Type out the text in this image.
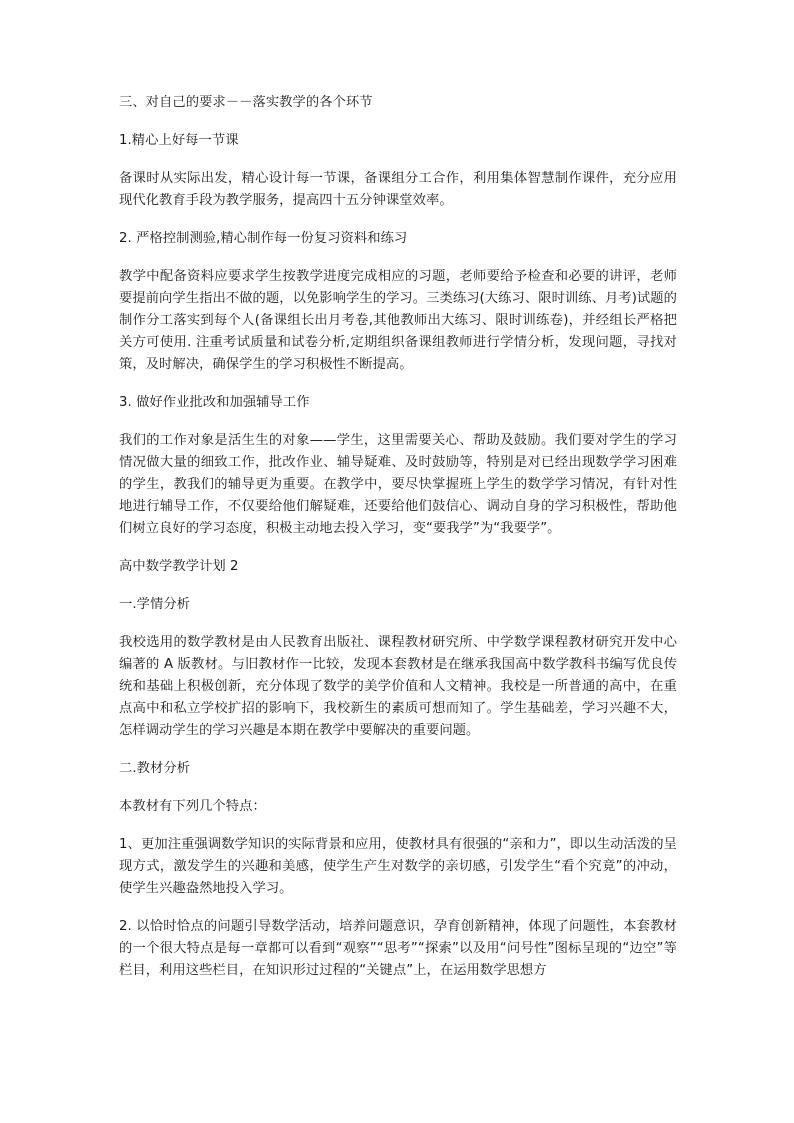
三、对自己的要求－－落实教学的各个环节

1.精心上好每一节课

备课时从实际出发，精心设计每一节课，备课组分工合作，利用集体智慧制作课件，充分应用现代化教育手段为教学服务，提高四十五分钟课堂效率。

2. 严格控制测验,精心制作每一份复习资料和练习

教学中配备资料应要求学生按教学进度完成相应的习题，老师要给予检查和必要的讲评，老师要提前向学生指出不做的题，以免影响学生的学习。三类练习(大练习、限时训练、月考)试题的制作分工落实到每个人(备课组长出月考卷,其他教师出大练习、限时训练卷)，并经组长严格把关方可使用. 注重考试质量和试卷分析,定期组织备课组教师进行学情分析，发现问题，寻找对策，及时解决，确保学生的学习积极性不断提高。

3. 做好作业批改和加强辅导工作

我们的工作对象是活生生的对象——学生，这里需要关心、帮助及鼓励。我们要对学生的学习情况做大量的细致工作，批改作业、辅导疑难、及时鼓励等，特别是对已经出现数学学习困难的学生，教我们的辅导更为重要。在教学中，要尽快掌握班上学生的数学学习情况，有针对性地进行辅导工作，不仅要给他们解疑难，还要给他们鼓信心、调动自身的学习积极性，帮助他们树立良好的学习态度，积极主动地去投入学习，变“要我学”为“我要学”。

高中数学教学计划 2

一.学情分析

我校选用的数学教材是由人民教育出版社、课程教材研究所、中学数学课程教材研究开发中心编著的 A 版教材。与旧教材作一比较，发现本套教材是在继承我国高中数学教科书编写优良传统和基础上积极创新，充分体现了数学的美学价值和人文精神。我校是一所普通的高中，在重点高中和私立学校扩招的影响下，我校新生的素质可想而知了。学生基础差，学习兴趣不大，怎样调动学生的学习兴趣是本期在教学中要解决的重要问题。

二.教材分析

本教材有下列几个特点：

1、更加注重强调数学知识的实际背景和应用，使教材具有很强的“亲和力”，即以生动活泼的呈现方式，激发学生的兴趣和美感，使学生产生对数学的亲切感，引发学生“看个究竟”的冲动，使学生兴趣盎然地投入学习。

2. 以恰时恰点的问题引导数学活动，培养问题意识，孕育创新精神，体现了问题性，本套教材的一个很大特点是每一章都可以看到“观察”“思考”“探索”以及用“问号性”图标呈现的“边空”等栏目，利用这些栏目，在知识形过过程的“关键点”上，在运用数学思想方
